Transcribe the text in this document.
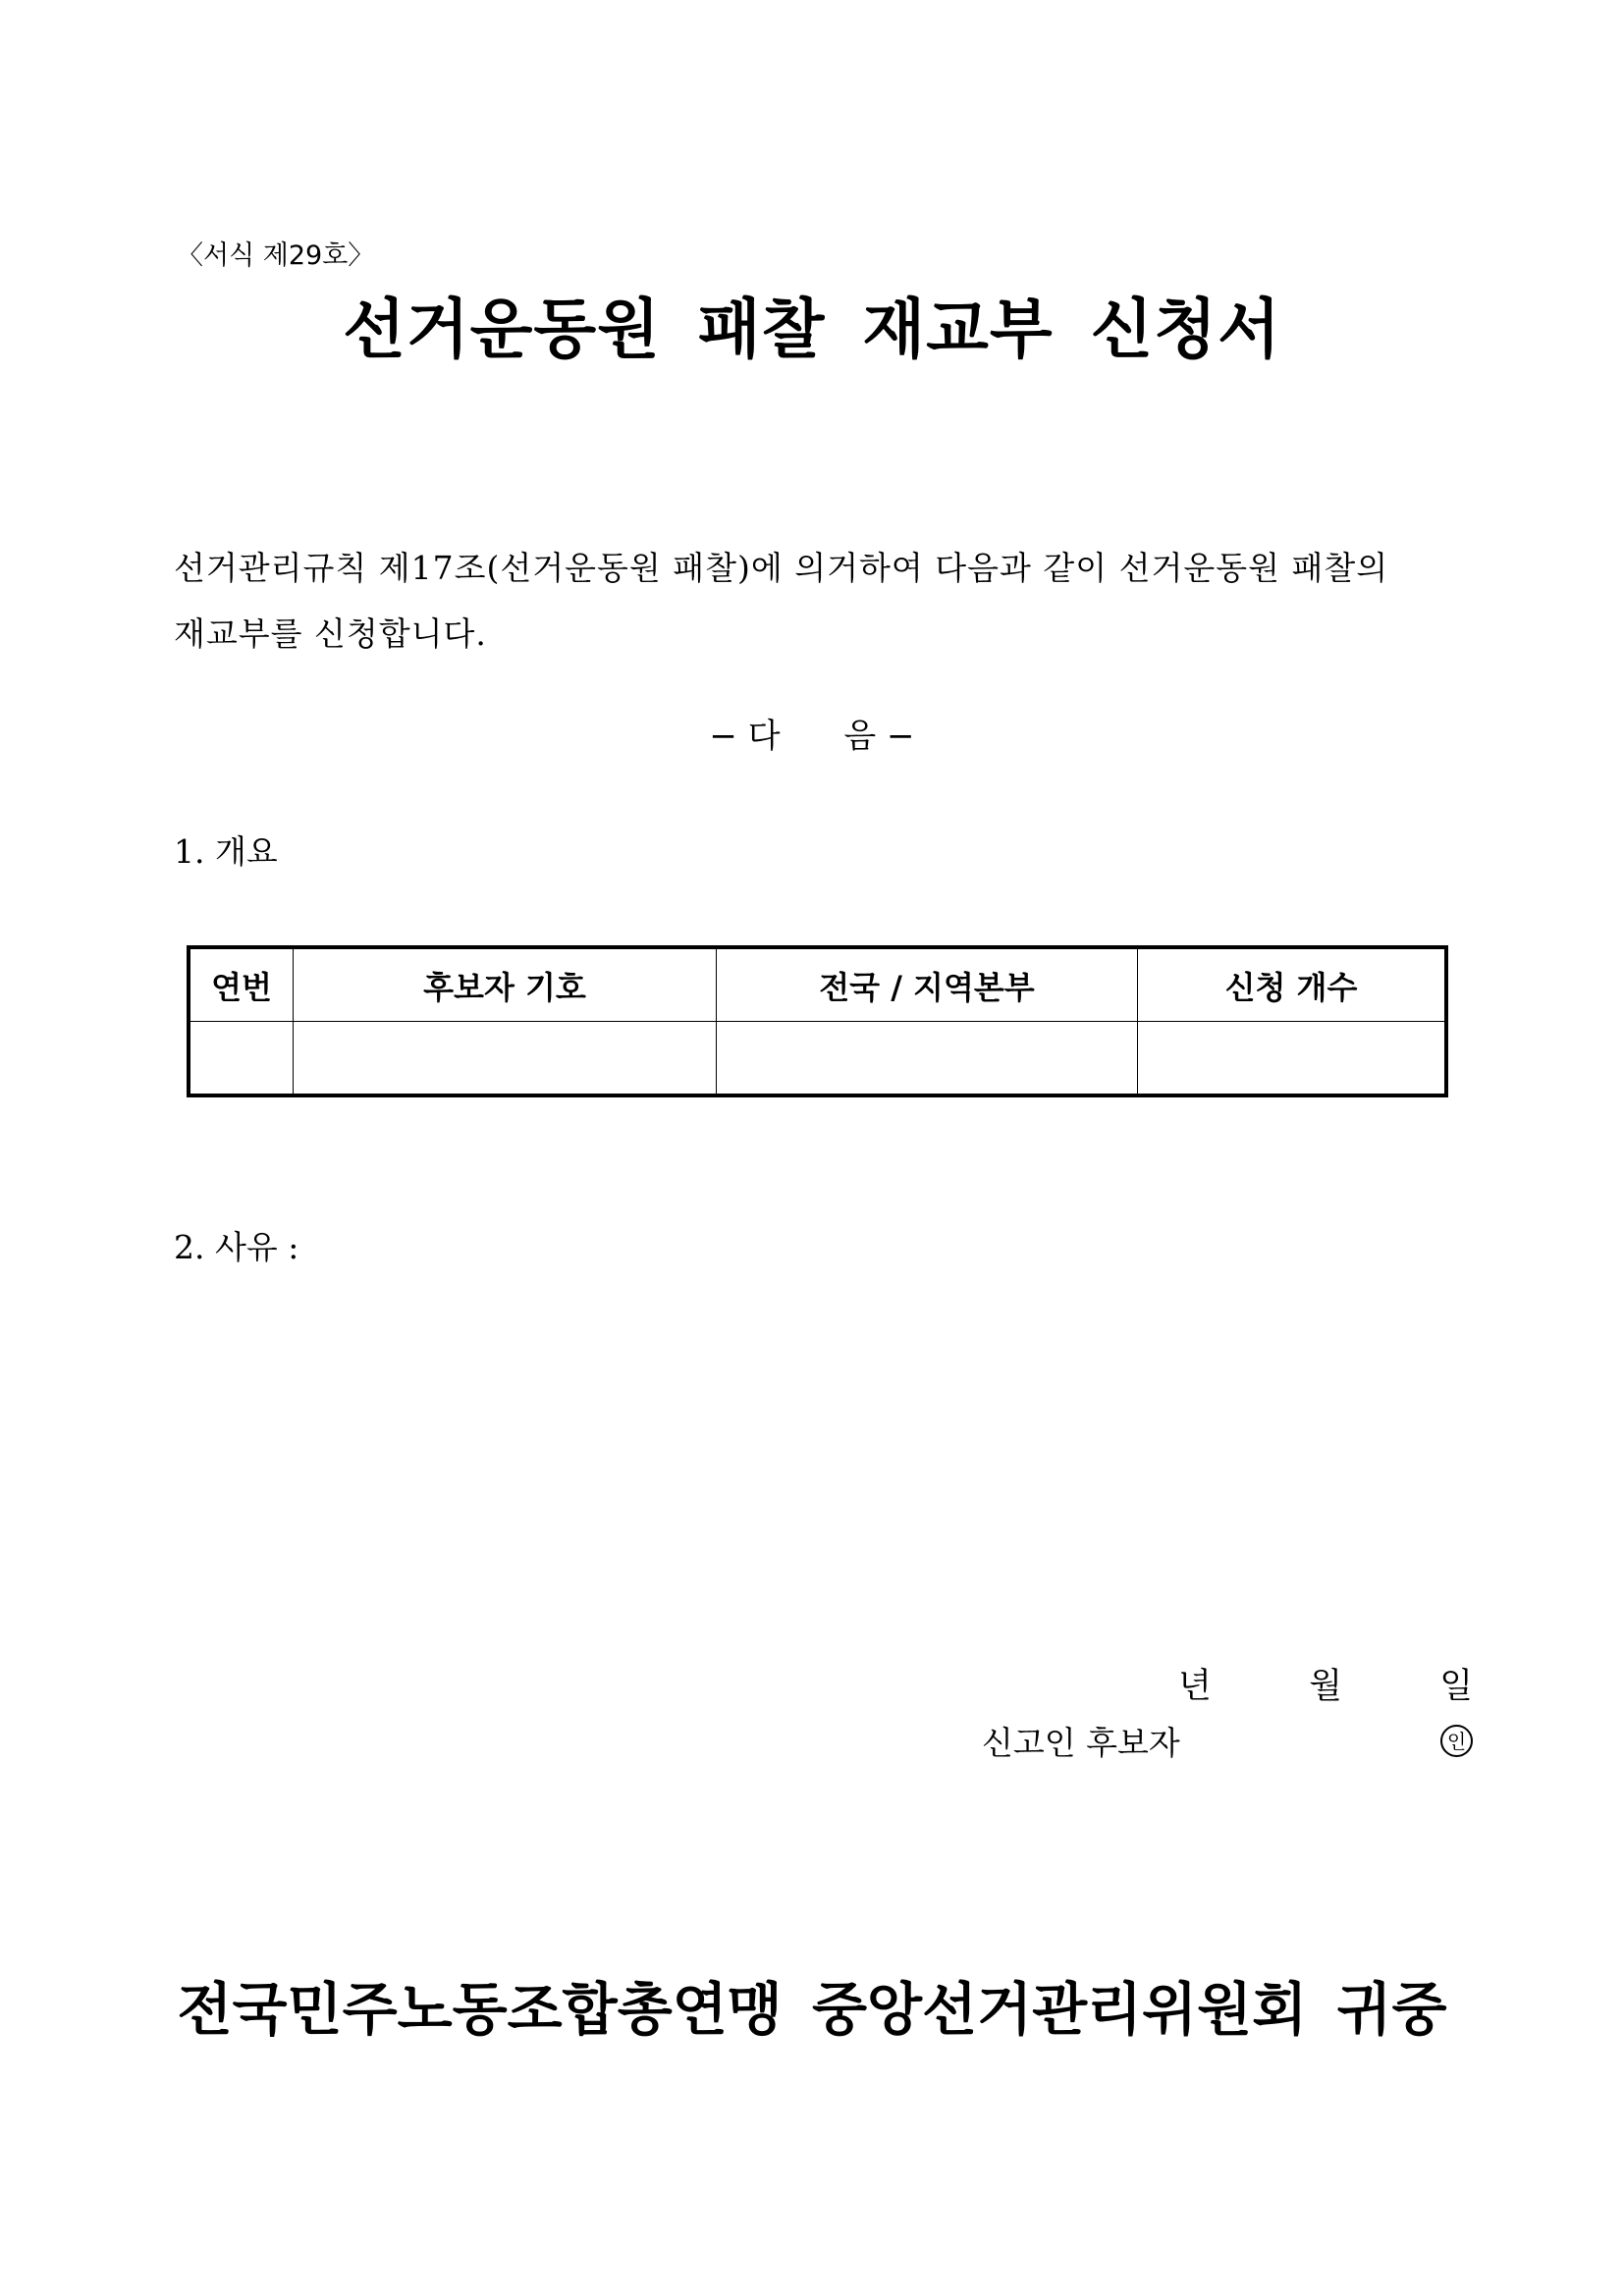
〈서식 제29호〉
선거운동원 패찰 재교부 신청서
선거관리규칙 제17조(선거운동원 패찰)에 의거하여 다음과 같이 선거운동원 패찰의
재교부를 신청합니다.
− 다      음 −
1. 개요
연번	후보자 기호	전국 / 지역본부	신청 개수

2. 사유 :
년	월	일
신고인 후보자	인
전국민주노동조합총연맹 중앙선거관리위원회 귀중
